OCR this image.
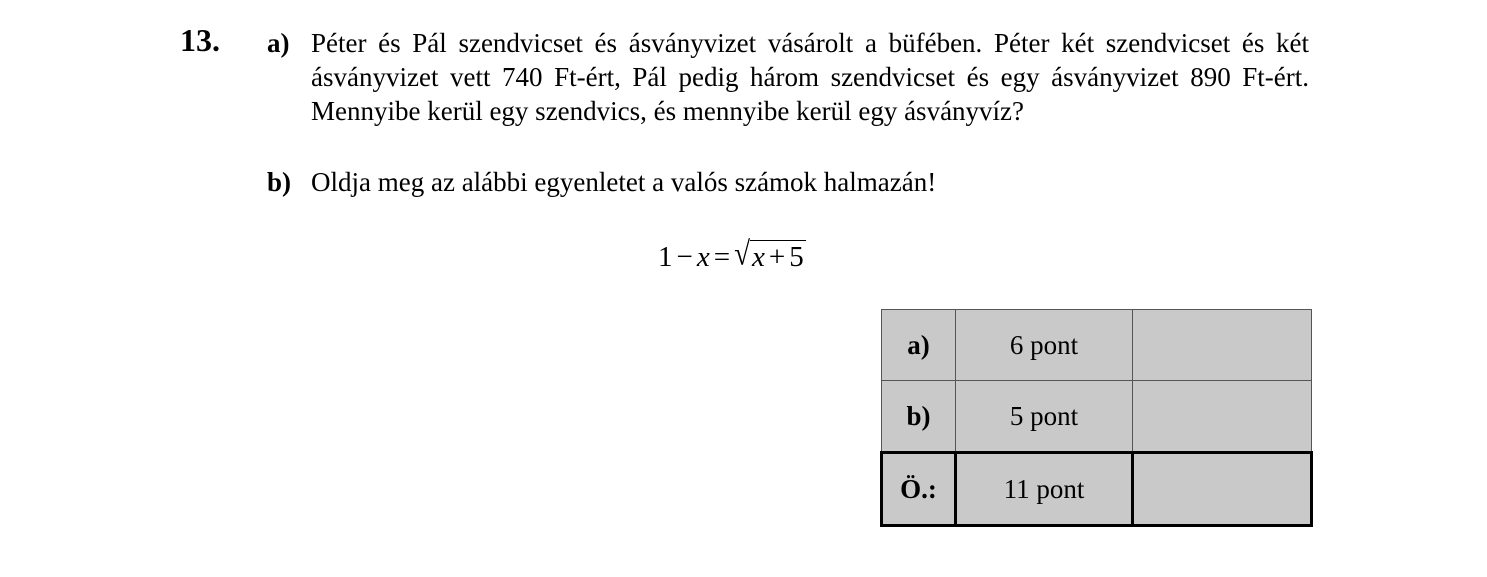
13. a) Péter és Pál szendvicset és ásványvizet vásárolt a büfében. Péter két szendvicset és két ásványvizet vett 740 Ft-ért, Pál pedig három szendvicset és egy ásványvizet 890 Ft-ért. Mennyibe kerül egy szendvics, és mennyibe kerül egy ásványvíz?
b) Oldja meg az alábbi egyenletet a valós számok halmazán!
1 − x = √x + 5
a)	6 pont	
b)	5 pont	
Ö.:	11 pont	
